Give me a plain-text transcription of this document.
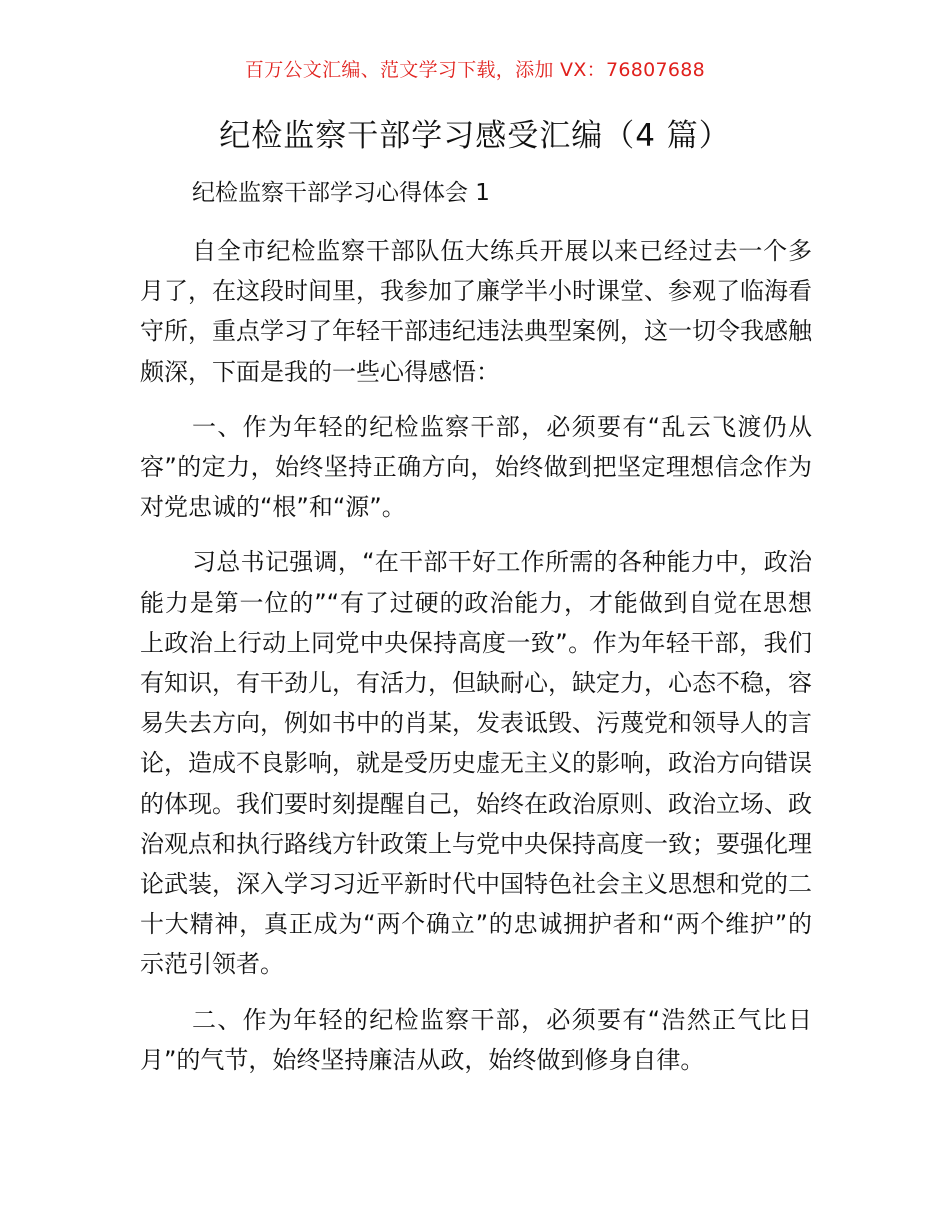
百万公文汇编、范文学习下载，添加 VX：76807688
纪检监察干部学习感受汇编（4 篇）

纪检监察干部学习心得体会 1

自全市纪检监察干部队伍大练兵开展以来已经过去一个多月了，在这段时间里，我参加了廉学半小时课堂、参观了临海看守所，重点学习了年轻干部违纪违法典型案例，这一切令我感触颇深，下面是我的一些心得感悟：

一、作为年轻的纪检监察干部，必须要有“乱云飞渡仍从容”的定力，始终坚持正确方向，始终做到把坚定理想信念作为对党忠诚的“根”和“源”。

习总书记强调，“在干部干好工作所需的各种能力中，政治能力是第一位的”“有了过硬的政治能力，才能做到自觉在思想上政治上行动上同党中央保持高度一致”。作为年轻干部，我们有知识，有干劲儿，有活力，但缺耐心，缺定力，心态不稳，容易失去方向，例如书中的肖某，发表诋毁、污蔑党和领导人的言论，造成不良影响，就是受历史虚无主义的影响，政治方向错误的体现。我们要时刻提醒自己，始终在政治原则、政治立场、政治观点和执行路线方针政策上与党中央保持高度一致；要强化理论武装，深入学习习近平新时代中国特色社会主义思想和党的二十大精神，真正成为“两个确立”的忠诚拥护者和“两个维护”的示范引领者。

二、作为年轻的纪检监察干部，必须要有“浩然正气比日月”的气节，始终坚持廉洁从政，始终做到修身自律。
